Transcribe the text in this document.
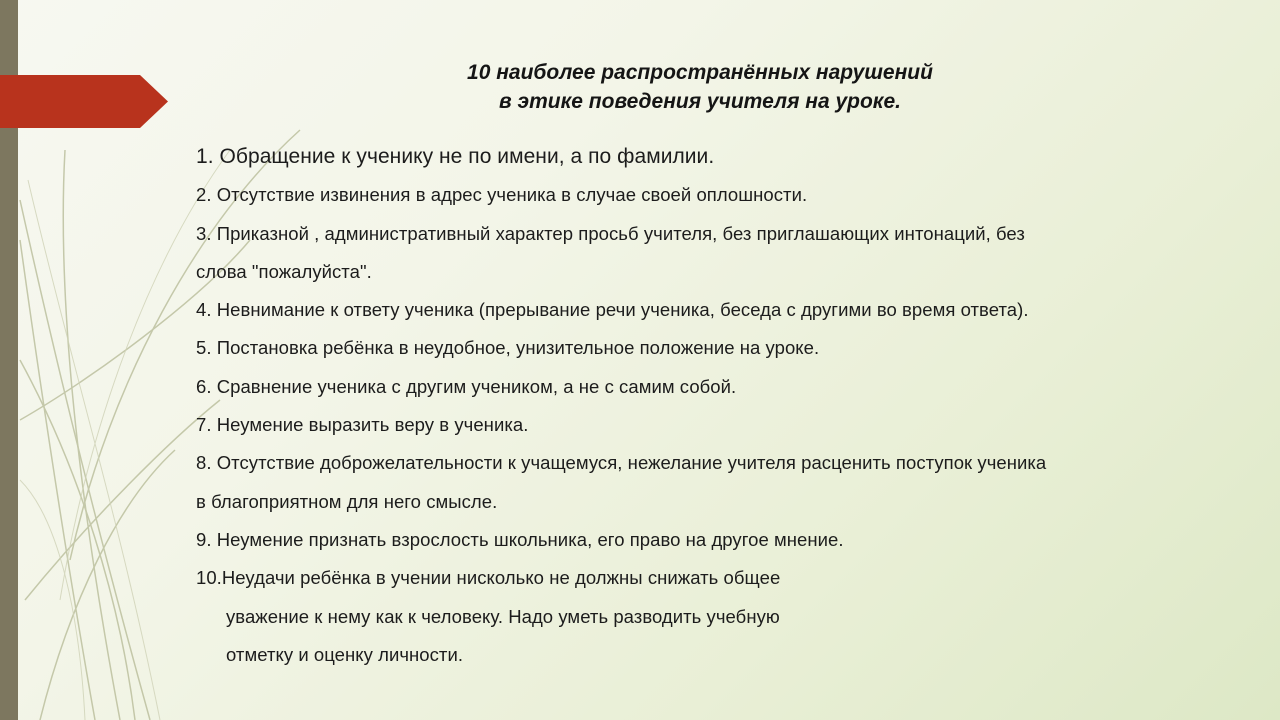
10 наиболее распространённых нарушений
в этике поведения учителя на уроке.
1. Обращение к ученику не по имени, а по фамилии.
2. Отсутствие извинения в адрес ученика в случае своей оплошности.
3. Приказной , административный характер просьб учителя, без приглашающих интонаций, без
слова "пожалуйста".
4. Невнимание к ответу ученика (прерывание речи ученика, беседа с другими во время ответа).
5. Постановка ребёнка в неудобное, унизительное положение на уроке.
6. Сравнение ученика с другим учеником, а не с самим собой.
7. Неумение выразить веру в ученика.
8. Отсутствие доброжелательности к учащемуся, нежелание учителя расценить поступок ученика
в благоприятном для него смысле.
9. Неумение признать взрослость школьника, его право на другое мнение.
10.Неудачи ребёнка в учении нисколько не должны снижать общее
уважение к нему как к человеку. Надо уметь разводить учебную
отметку и оценку личности.
